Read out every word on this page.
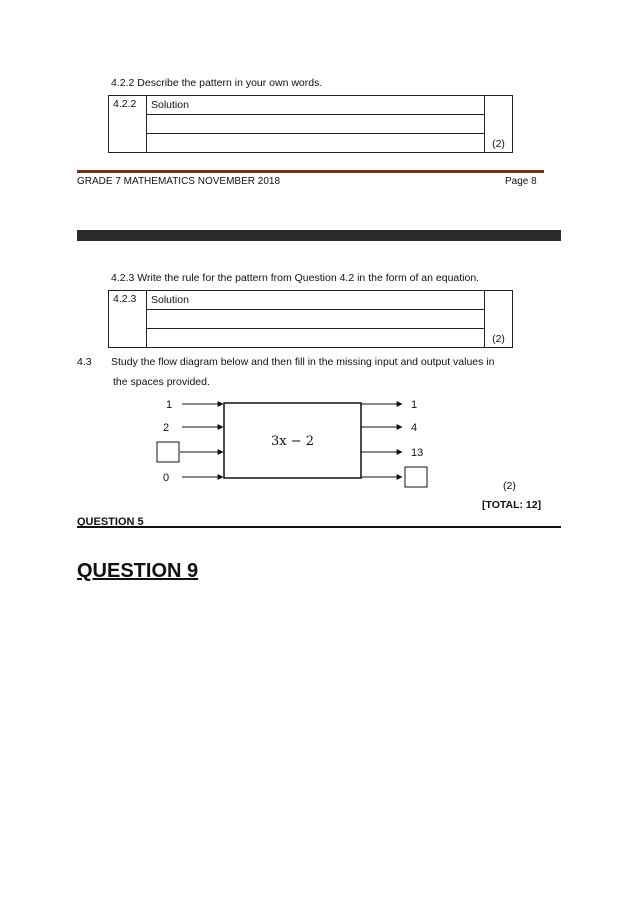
4.2.2 Describe the pattern in your own words.
4.2.2	Solution	(2)

GRADE 7 MATHEMATICS NOVEMBER 2018	Page 8
4.2.3 Write the rule for the pattern from Question 4.2 in the form of an equation.
4.2.3	Solution	(2)

4.3 Study the flow diagram below and then fill in the missing input and output values in
the spaces provided.
1
2
0
3x − 2
1
4
13
(2)
[TOTAL: 12]
QUESTION 5
QUESTION 9
